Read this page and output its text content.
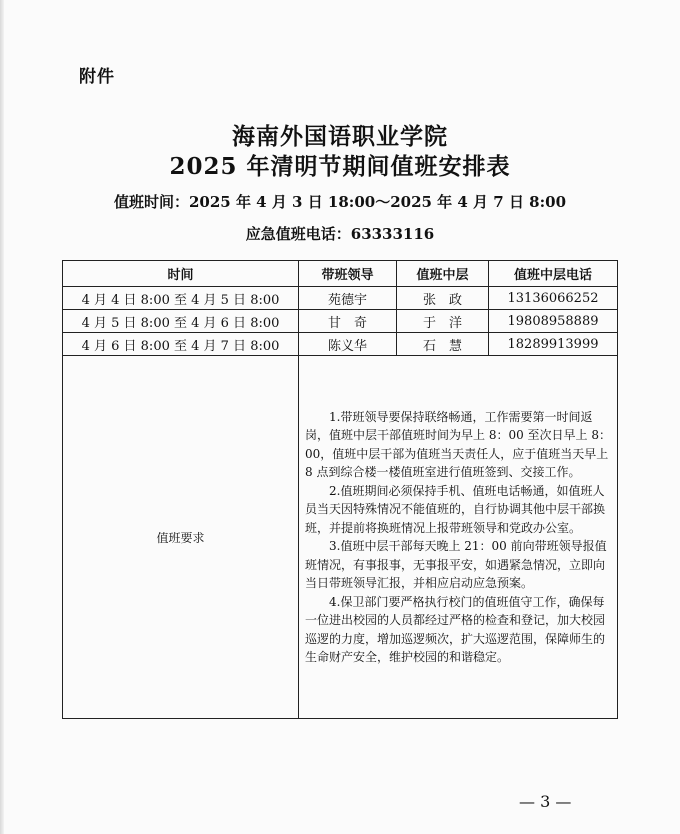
附件
海南外国语职业学院
2025 年清明节期间值班安排表
值班时间：2025 年 4 月 3 日 18:00～2025 年 4 月 7 日 8:00
应急值班电话：63333116
时间	带班领导	值班中层	值班中层电话
4 月 4 日 8:00 至 4 月 5 日 8:00	苑德宇	张　政	13136066252
4 月 5 日 8:00 至 4 月 6 日 8:00	甘　奇	于　洋	19808958889
4 月 6 日 8:00 至 4 月 7 日 8:00	陈义华	石　慧	18289913999
值班要求	1.带班领导要保持联络畅通，工作需要第一时间返岗，值班中层干部值班时间为早上 8：00 至次日早上 8：00，值班中层干部为值班当天责任人，应于值班当天早上 8 点到综合楼一楼值班室进行值班签到、交接工作。

2.值班期间必须保持手机、值班电话畅通，如值班人员当天因特殊情况不能值班的，自行协调其他中层干部换班，并提前将换班情况上报带班领导和党政办公室。

3.值班中层干部每天晚上 21：00 前向带班领导报值班情况，有事报事，无事报平安，如遇紧急情况，立即向当日带班领导汇报，并相应启动应急预案。

4.保卫部门要严格执行校门的值班值守工作，确保每一位进出校园的人员都经过严格的检查和登记，加大校园巡逻的力度，增加巡逻频次，扩大巡逻范围，保障师生的生命财产安全，维护校园的和谐稳定。		

— 3 —
